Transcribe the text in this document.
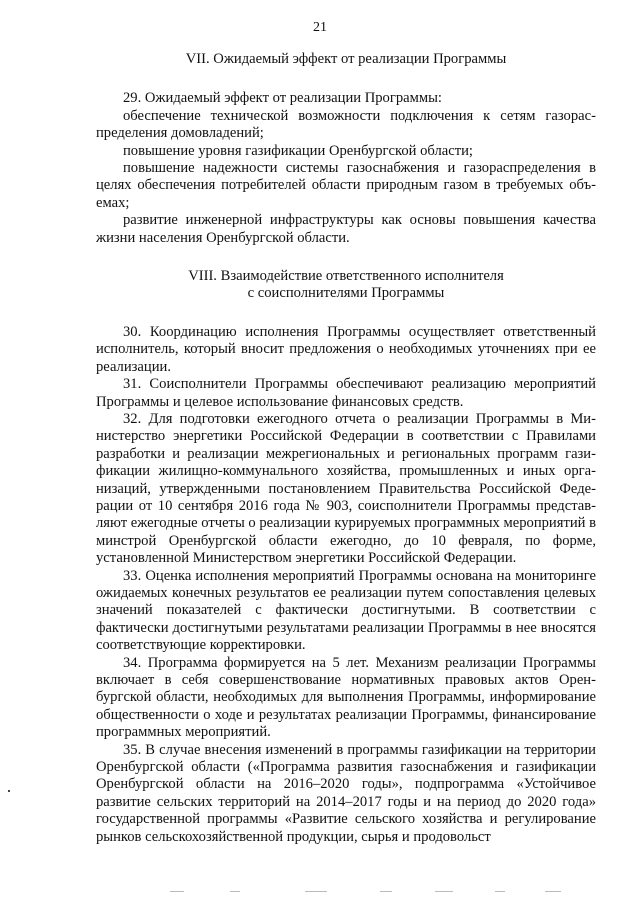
21

VII. Ожидаемый эффект от реализации Программы

29. Ожидаемый эффект от реализации Программы:

обеспечение технической возможности подключения к сетям газораспределения домовладений;

повышение уровня газификации Оренбургской области;

повышение надежности системы газоснабжения и газораспределения в целях обеспечения потребителей области природным газом в требуемых объемах;

развитие инженерной инфраструктуры как основы повышения качества жизни населения Оренбургской области.

VIII. Взаимодействие ответственного исполнителя
с соисполнителями Программы

30. Координацию исполнения Программы осуществляет ответственный исполнитель, который вносит предложения о необходимых уточнениях при ее реализации.

31. Соисполнители Программы обеспечивают реализацию мероприятий Программы и целевое использование финансовых средств.

32. Для подготовки ежегодного отчета о реализации Программы в Министерство энергетики Российской Федерации в соответствии с Правилами разработки и реализации межрегиональных и региональных программ газификации жилищно-коммунального хозяйства, промышленных и иных организаций, утвержденными постановлением Правительства Российской Федерации от 10 сентября 2016 года № 903, соисполнители Программы представляют ежегодные отчеты о реализации курируемых программных мероприятий в минстрой Оренбургской области ежегодно, до 10 февраля, по форме, установленной Министерством энергетики Российской Федерации.

33. Оценка исполнения мероприятий Программы основана на мониторинге ожидаемых конечных результатов ее реализации путем сопоставления целевых значений показателей с фактически достигнутыми. В соответствии с фактически достигнутыми результатами реализации Программы в нее вносятся соответствующие корректировки.

34. Программа формируется на 5 лет. Механизм реализации Программы включает в себя совершенствование нормативных правовых актов Оренбургской области, необходимых для выполнения Программы, информирование общественности о ходе и результатах реализации Программы, финансирование программных мероприятий.

35. В случае внесения изменений в программы газификации на территории Оренбургской области («Программа развития газоснабжения и газификации Оренбургской области на 2016–2020 годы», подпрограмма «Устойчивое развитие сельских территорий на 2014–2017 годы и на период до 2020 года» государственной программы «Развитие сельского хозяйства и регулирование рынков сельскохозяйственной продукции, сырья и продовольст
